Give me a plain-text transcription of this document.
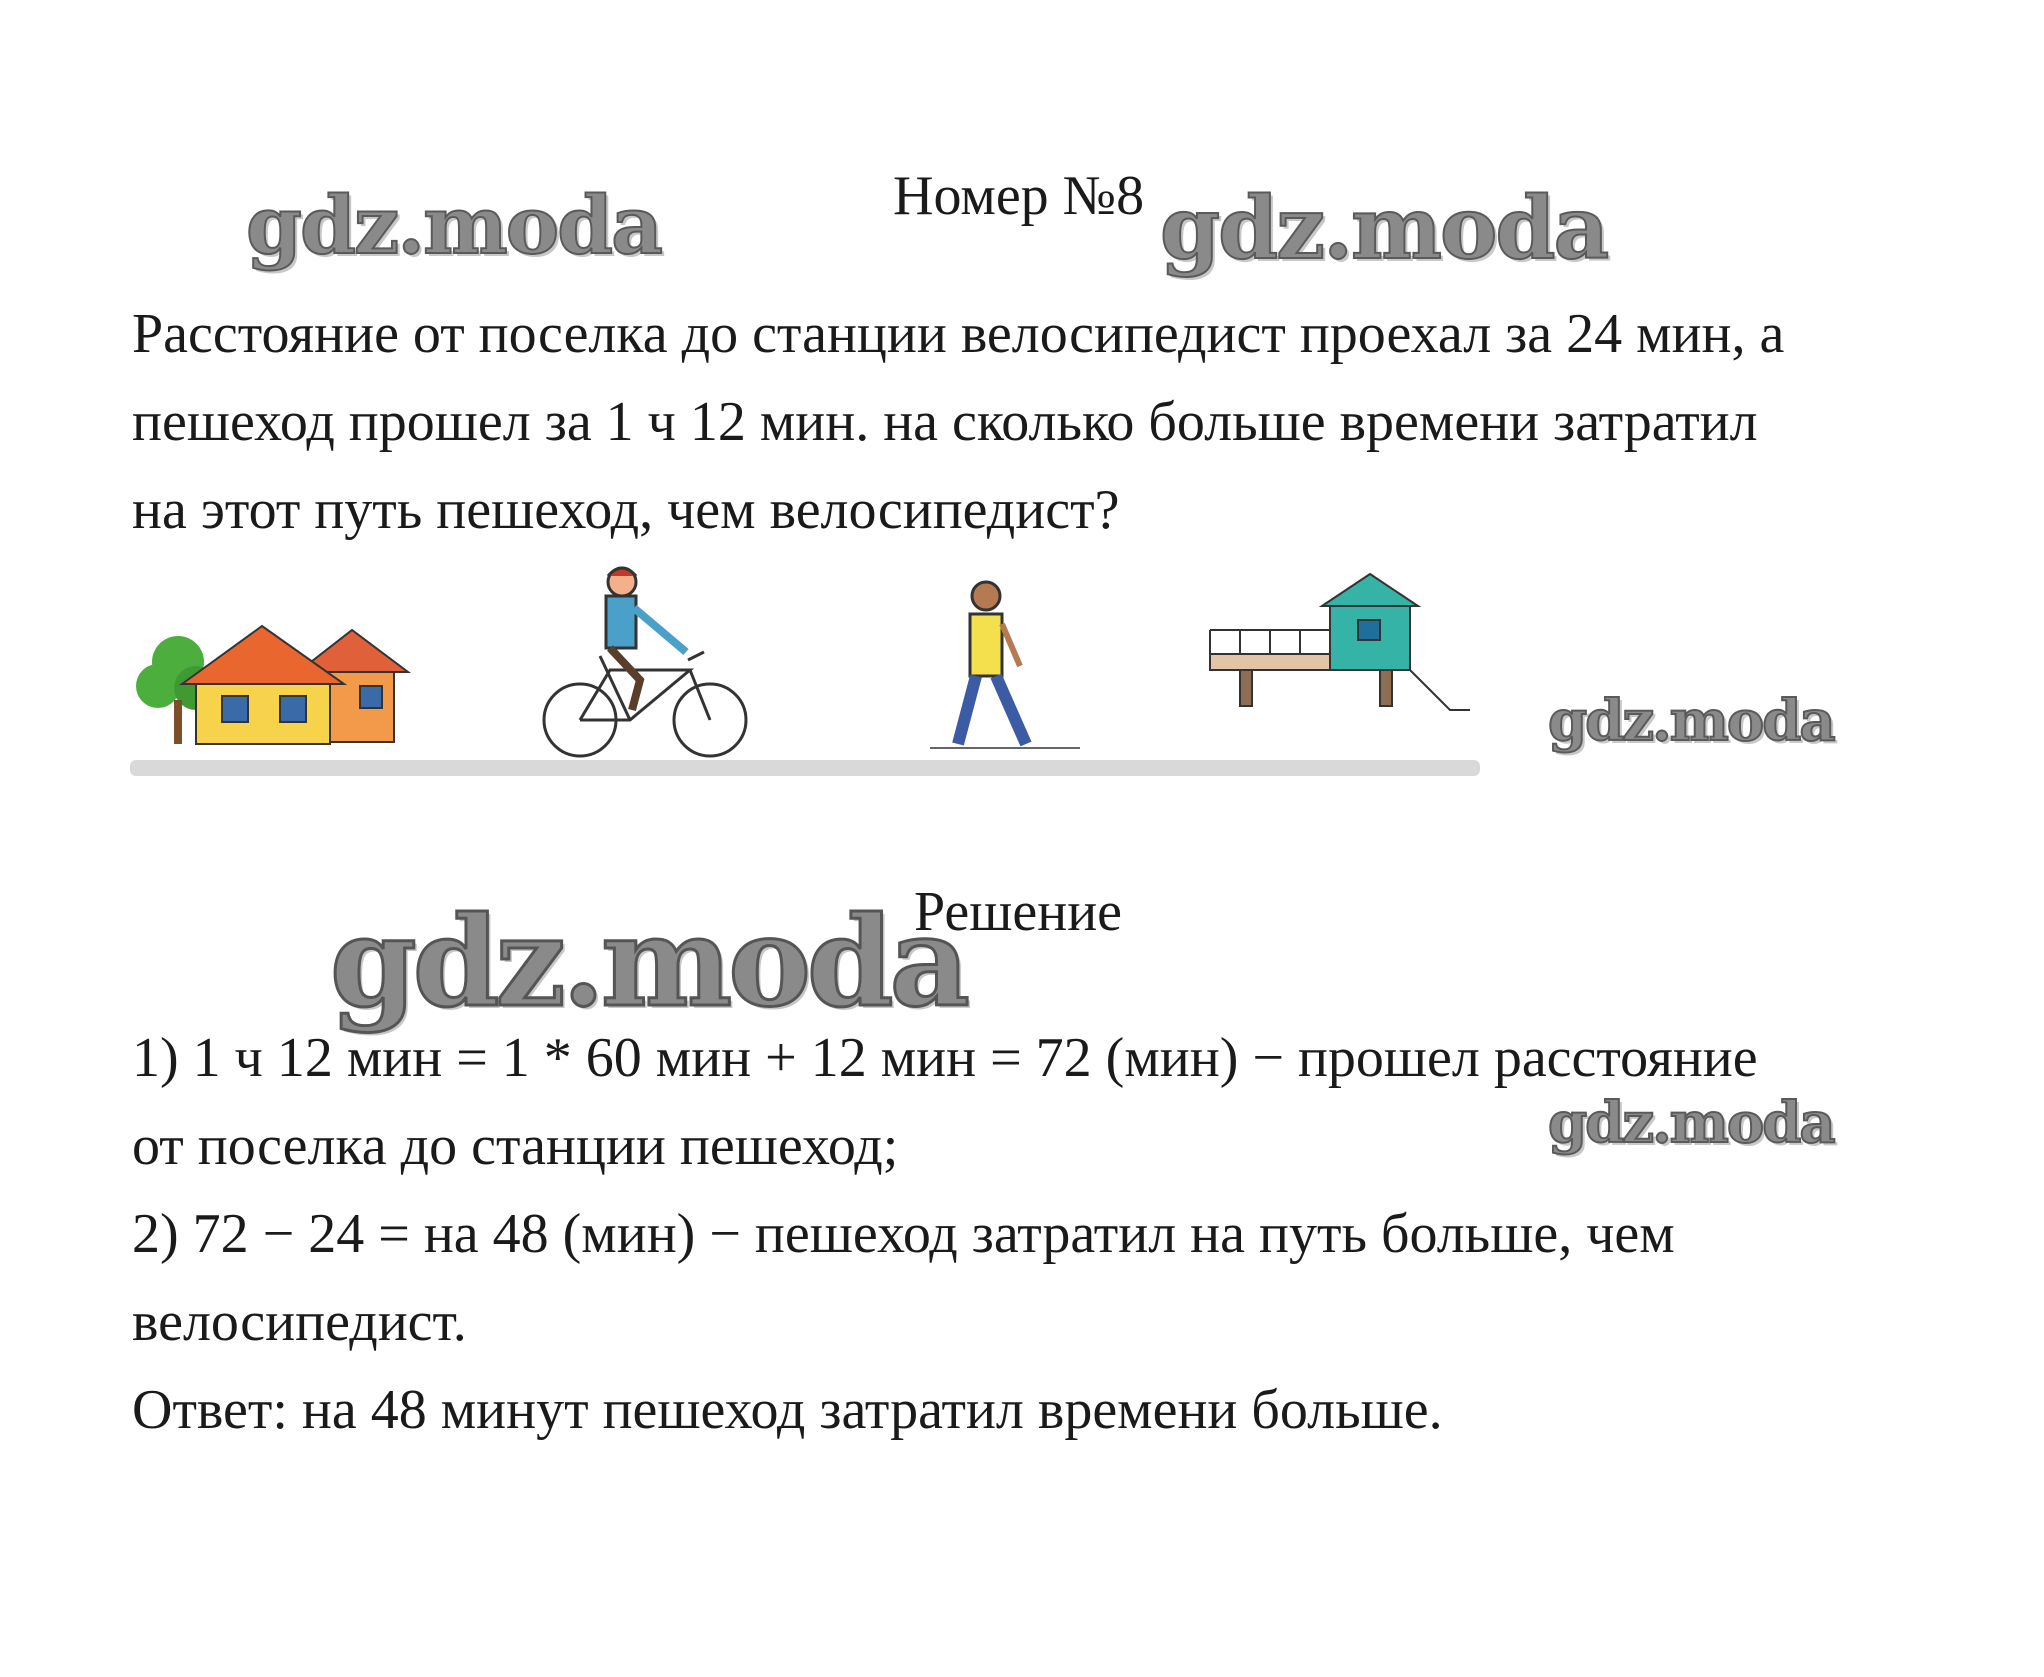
gdz.moda	Номер №8 gdz.moda
Расстояние от поселка до станции велосипедист проехал за 24 мин, а
пешеход прошел за 1 ч 12 мин. на сколько больше времени затратил
на этот путь пешеход, чем велосипедист?
gdz.moda
Решение
gdz.moda
1) 1 ч 12 мин = 1 * 60 мин + 12 мин = 72 (мин) − прошел расстояние
от поселка до станции пешеход;	gdz.moda
2) 72 − 24 = на 48 (мин) − пешеход затратил на путь больше, чем
велосипедист.
Ответ: на 48 минут пешеход затратил времени больше.
